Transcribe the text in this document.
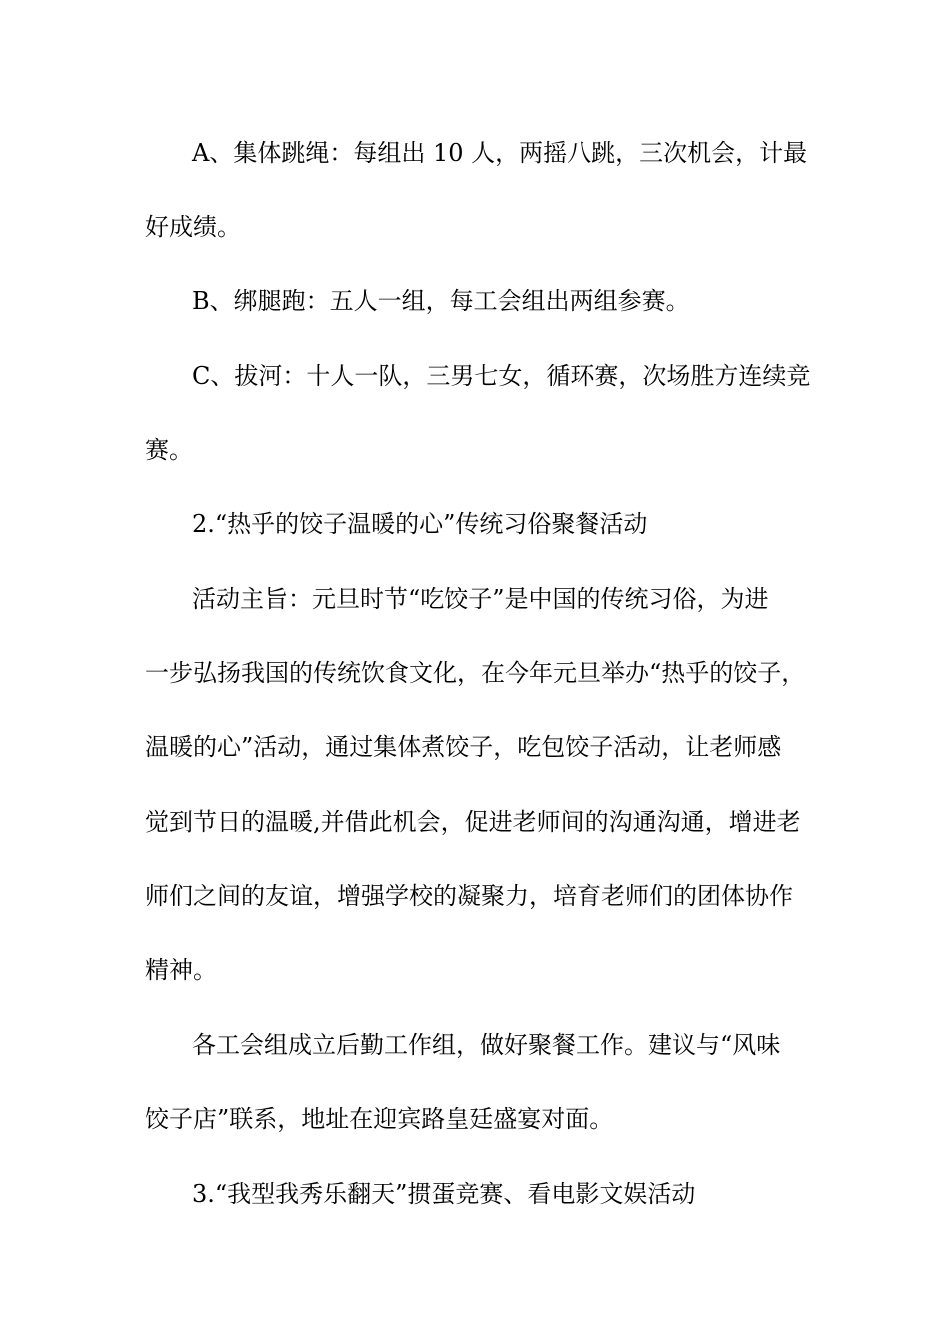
A、集体跳绳：每组出 10 人，两摇八跳，三次机会，计最
好成绩。
B、绑腿跑：五人一组，每工会组出两组参赛。
C、拔河：十人一队，三男七女，循环赛，次场胜方连续竞
赛。
2.“热乎的饺子温暖的心”传统习俗聚餐活动
活动主旨：元旦时节“吃饺子”是中国的传统习俗，为进
一步弘扬我国的传统饮食文化，在今年元旦举办“热乎的饺子，
温暖的心”活动，通过集体煮饺子，吃包饺子活动，让老师感
觉到节日的温暖,并借此机会，促进老师间的沟通沟通，增进老
师们之间的友谊，增强学校的凝聚力，培育老师们的团体协作
精神。
各工会组成立后勤工作组，做好聚餐工作。建议与“风味
饺子店”联系，地址在迎宾路皇廷盛宴对面。
3.“我型我秀乐翻天”掼蛋竞赛、看电影文娱活动
